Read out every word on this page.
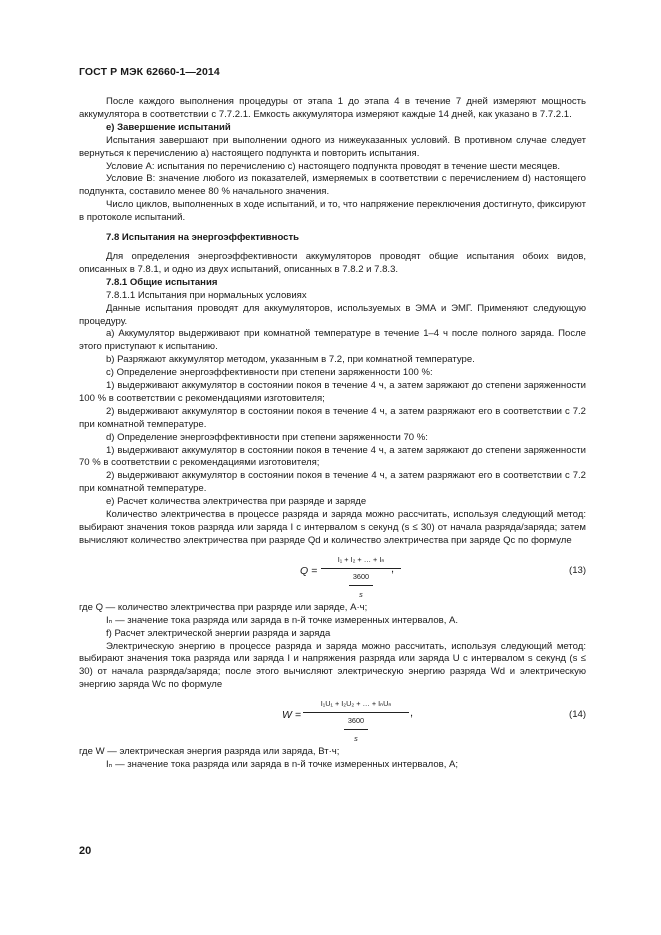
ГОСТ Р МЭК 62660-1—2014

После каждого выполнения процедуры от этапа 1 до этапа 4 в течение 7 дней измеряют мощность аккумулятора в соответствии с 7.7.2.1. Емкость аккумулятора измеряют каждые 14 дней, как указано в 7.7.2.1.

е) Завершение испытаний

Испытания завершают при выполнении одного из нижеуказанных условий. В противном случае следует вернуться к перечислению а) настоящего подпункта и повторить испытания.

Условие А: испытания по перечислению с) настоящего подпункта проводят в течение шести месяцев.

Условие В: значение любого из показателей, измеряемых в соответствии с перечислением d) настоящего подпункта, составило менее 80 % начального значения.

Число циклов, выполненных в ходе испытаний, и то, что напряжение переключения достигнуто, фиксируют в протоколе испытаний.

7.8 Испытания на энергоэффективность

Для определения энергоэффективности аккумуляторов проводят общие испытания обоих видов, описанных в 7.8.1, и одно из двух испытаний, описанных в 7.8.2 и 7.8.3.

7.8.1 Общие испытания

7.8.1.1 Испытания при нормальных условиях

Данные испытания проводят для аккумуляторов, используемых в ЭМА и ЭМГ. Применяют следующую процедуру.

а) Аккумулятор выдерживают при комнатной температуре в течение 1–4 ч после полного заряда. После этого приступают к испытанию.

b) Разряжают аккумулятор методом, указанным в 7.2, при комнатной температуре.

с) Определение энергоэффективности при степени заряженности 100 %:

1) выдерживают аккумулятор в состоянии покоя в течение 4 ч, а затем заряжают до степени заряженности 100 % в соответствии с рекомендациями изготовителя;

2) выдерживают аккумулятор в состоянии покоя в течение 4 ч, а затем разряжают его в соответствии с 7.2 при комнатной температуре.

d) Определение энергоэффективности при степени заряженности 70 %:

1) выдерживают аккумулятор в состоянии покоя в течение 4 ч, а затем заряжают до степени заряженности 70 % в соответствии с рекомендациями изготовителя;

2) выдерживают аккумулятор в состоянии покоя в течение 4 ч, а затем разряжают его в соответствии с 7.2 при комнатной температуре.

е) Расчет количества электричества при разряде и заряде

Количество электричества в процессе разряда и заряда можно рассчитать, используя следующий метод: выбирают значения токов разряда или заряда I с интервалом s секунд (s ≤ 30) от начала разряда/заряда; затем вычисляют количество электричества при разряде Qd и количество электричества при заряде Qc по формуле

Q =
I₁ + I₂ + … + Iₙ
3600
s
,	(13)

где Q — количество электричества при разряде или заряде, А·ч;

Iₙ — значение тока разряда или заряда в n-й точке измеренных интервалов, А.

f) Расчет электрической энергии разряда и заряда

Электрическую энергию в процессе разряда и заряда можно рассчитать, используя следующий метод: выбирают значения тока разряда или заряда I и напряжения разряда или заряда U с интервалом s секунд (s ≤ 30) от начала разряда/заряда; после этого вычисляют электрическую энергию разряда Wd и электрическую энергию заряда Wc по формуле

W =
I₁U₁ + I₂U₂ + … + IₙUₙ
3600
s
,	(14)

где W — электрическая энергия разряда или заряда, Вт·ч;

Iₙ — значение тока разряда или заряда в n-й точке измеренных интервалов, А;

20
